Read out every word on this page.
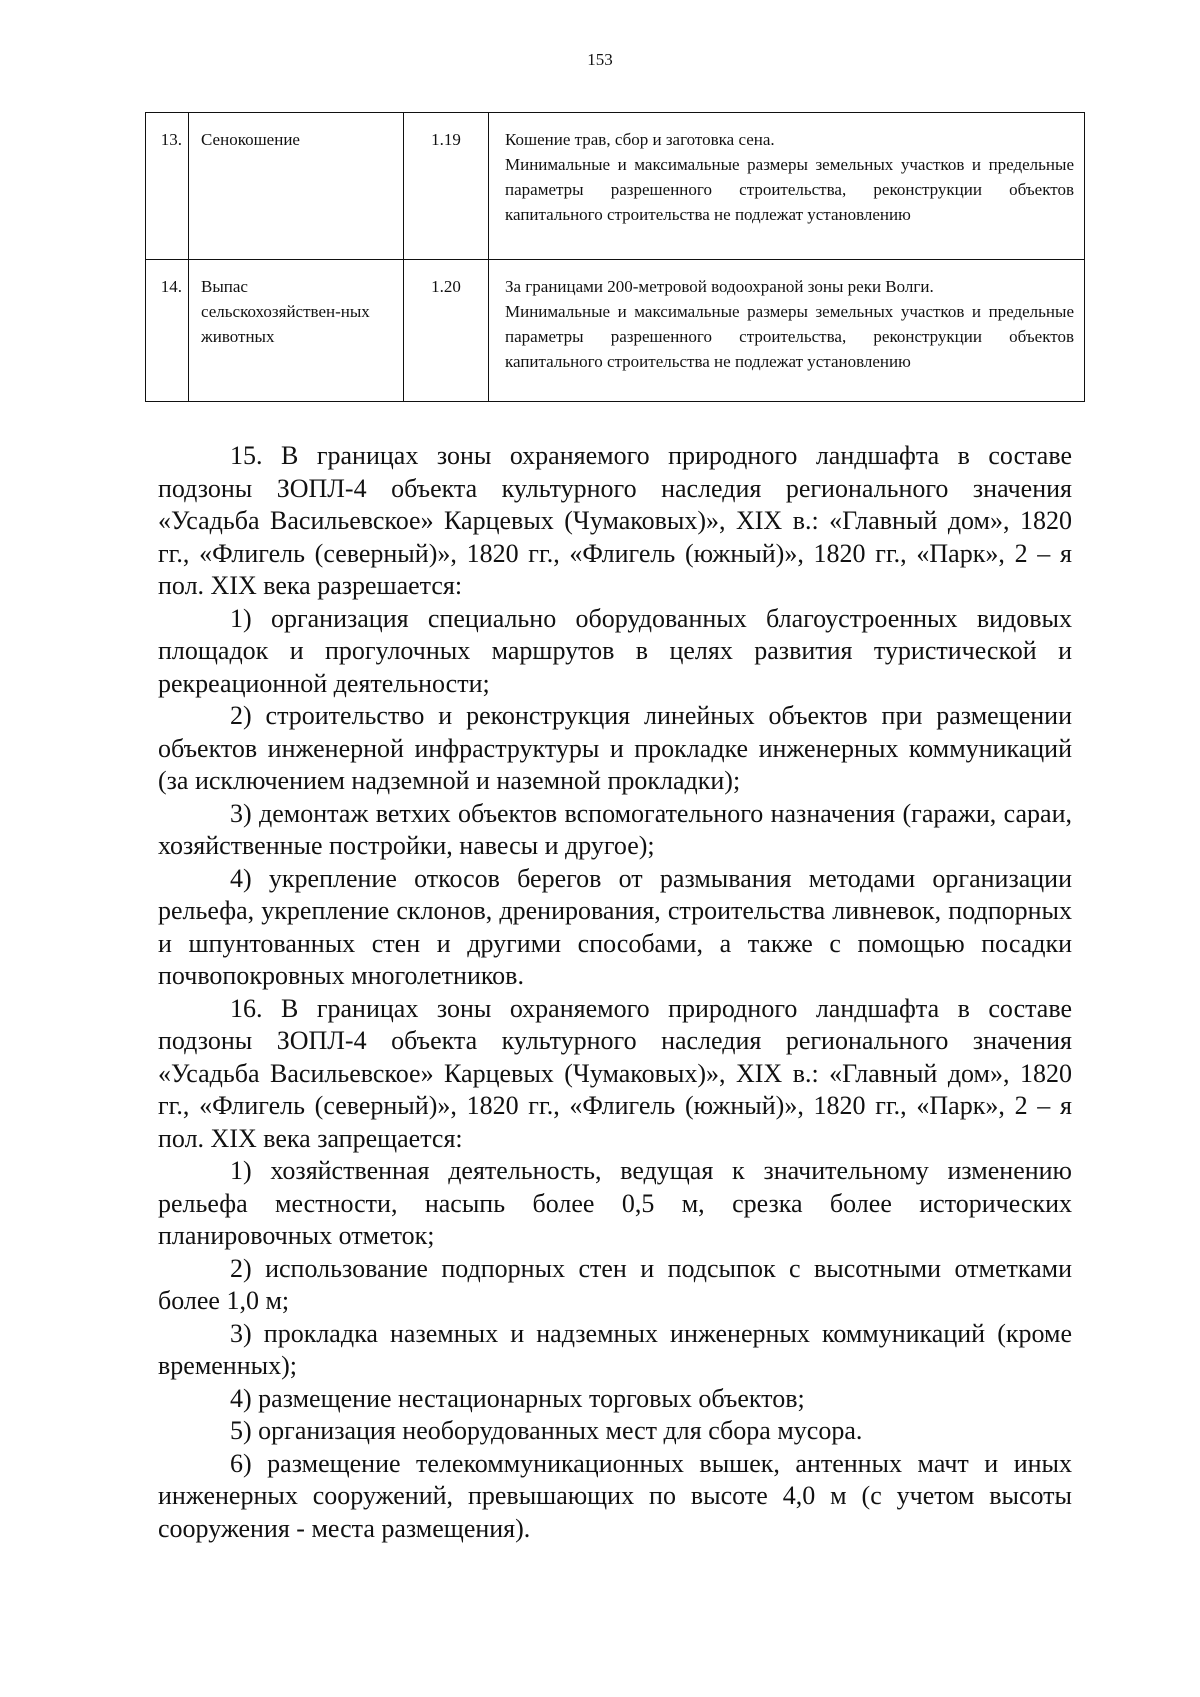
153
13.	Сенокошение	1.19	Кошение трав, сбор и заготовка сена.
Минимальные и максимальные размеры земельных участков и предельные параметры разрешенного строительства, реконструкции объектов капитального строительства не подлежат установлению

14.	Выпас сельскохозяйствен-ных животных	1.20	За границами 200-метровой водоохраной зоны реки Волги.
Минимальные и максимальные размеры земельных участков и предельные параметры разрешенного строительства, реконструкции объектов капитального строительства не подлежат установлению

15. В границах зоны охраняемого природного ландшафта в составе подзоны ЗОПЛ-4 объекта культурного наследия регионального значения «Усадьба Васильевское» Карцевых (Чумаковых)», XIX в.: «Главный дом», 1820 гг., «Флигель (северный)», 1820 гг., «Флигель (южный)», 1820 гг., «Парк», 2 – я пол. XIX века разрешается:

1) организация специально оборудованных благоустроенных видовых площадок и прогулочных маршрутов в целях развития туристической и рекреационной деятельности;

2) строительство и реконструкция линейных объектов при размещении объектов инженерной инфраструктуры и прокладке инженерных коммуникаций (за исключением надземной и наземной прокладки);

3) демонтаж ветхих объектов вспомогательного назначения (гаражи, сараи, хозяйственные постройки, навесы и другое);

4) укрепление откосов берегов от размывания методами организации рельефа, укрепление склонов, дренирования, строительства ливневок, подпорных и шпунтованных стен и другими способами, а также с помощью посадки почвопокровных многолетников.

16. В границах зоны охраняемого природного ландшафта в составе подзоны ЗОПЛ-4 объекта культурного наследия регионального значения «Усадьба Васильевское» Карцевых (Чумаковых)», XIX в.: «Главный дом», 1820 гг., «Флигель (северный)», 1820 гг., «Флигель (южный)», 1820 гг., «Парк», 2 – я пол. XIX века запрещается:

1) хозяйственная деятельность, ведущая к значительному изменению рельефа местности, насыпь более 0,5 м, срезка более исторических планировочных отметок;

2) использование подпорных стен и подсыпок с высотными отметками более 1,0 м;

3) прокладка наземных и надземных инженерных коммуникаций (кроме временных);

4) размещение нестационарных торговых объектов;

5) организация необорудованных мест для сбора мусора.

6) размещение телекоммуникационных вышек, антенных мачт и иных инженерных сооружений, превышающих по высоте 4,0 м (с учетом высоты сооружения - места размещения).
